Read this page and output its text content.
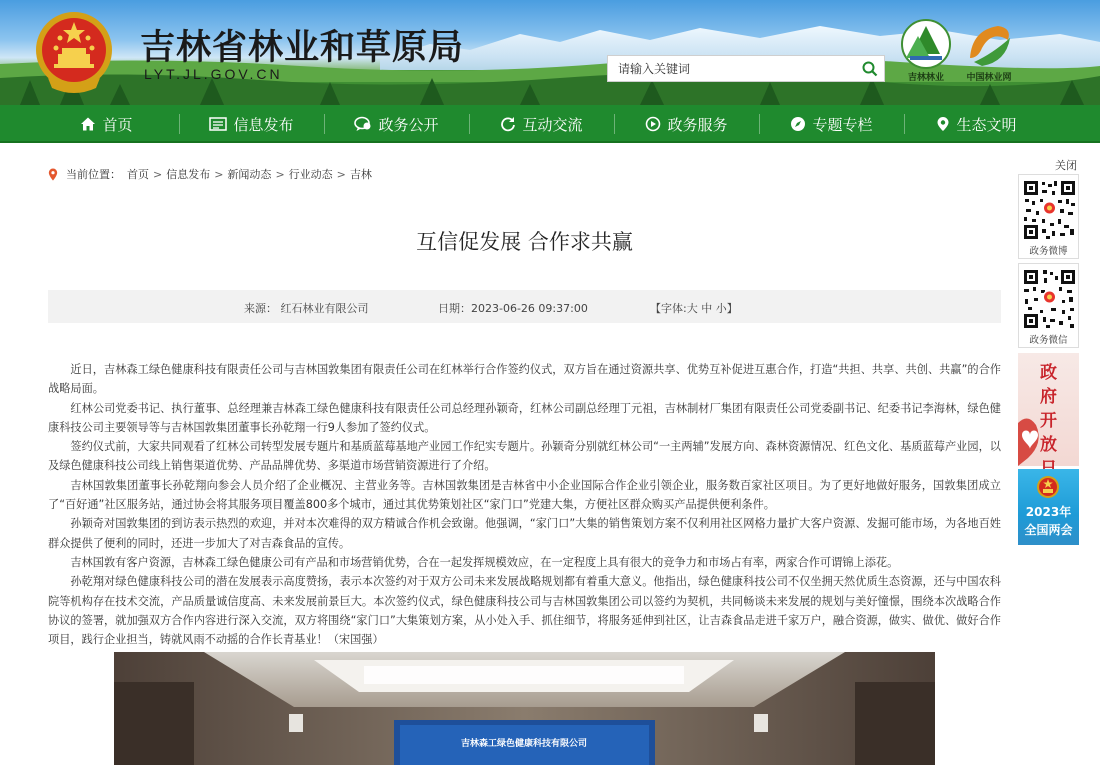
吉林省林业和草原局
LYT.JL.GOV.CN
请输入关键词	吉林林业	中国林业网
首页	信息发布	政务公开	互动交流	政务服务	专题专栏	生态文明
当前位置： 首页 > 信息发布 > 新闻动态 > 行业动态 > 吉林
互信促发展 合作求共赢
来源： 红石林业有限公司	日期：2023-06-26 09:37:00	【字体:大 中 小】

近日，吉林森工绿色健康科技有限责任公司与吉林国敦集团有限责任公司在红林举行合作签约仪式，双方旨在通过资源共享、优势互补促进互惠合作，打造“共担、共享、共创、共赢”的合作战略局面。

红林公司党委书记、执行董事、总经理兼吉林森工绿色健康科技有限责任公司总经理孙颖奇，红林公司副总经理丁元祖，吉林制材厂集团有限责任公司党委副书记、纪委书记李海林，绿色健康科技公司主要领导等与吉林国敦集团董事长孙乾翔一行9人参加了签约仪式。

签约仪式前，大家共同观看了红林公司转型发展专题片和基质蓝莓基地产业园工作纪实专题片。孙颖奇分别就红林公司“一主两辅”发展方向、森林资源情况、红色文化、基质蓝莓产业园，以及绿色健康科技公司线上销售渠道优势、产品品牌优势、多渠道市场营销资源进行了介绍。

吉林国敦集团董事长孙乾翔向参会人员介绍了企业概况、主营业务等。吉林国敦集团是吉林省中小企业国际合作企业引领企业，服务数百家社区项目。为了更好地做好服务，国敦集团成立了“百好通”社区服务站，通过协会将其服务项目覆盖800多个城市，通过其优势策划社区“家门口”党建大集，方便社区群众购买产品提供便利条件。

孙颖奇对国敦集团的到访表示热烈的欢迎，并对本次难得的双方精诚合作机会致谢。他强调，“家门口”大集的销售策划方案不仅利用社区网格力量扩大客户资源、发掘可能市场，为各地百姓群众提供了便利的同时，还进一步加大了对吉森食品的宣传。

吉林国敦有客户资源，吉林森工绿色健康公司有产品和市场营销优势，合在一起发挥规模效应，在一定程度上具有很大的竞争力和市场占有率，两家合作可谓锦上添花。

孙乾翔对绿色健康科技公司的潜在发展表示高度赞扬，表示本次签约对于双方公司未来发展战略规划都有着重大意义。他指出，绿色健康科技公司不仅坐拥天然优质生态资源，还与中国农科院等机构存在技术交流，产品质量诚信度高、未来发展前景巨大。本次签约仪式，绿色健康科技公司与吉林国敦集团公司以签约为契机，共同畅谈未来发展的规划与美好憧憬，围绕本次战略合作协议的签署，就加强双方合作内容进行深入交流，双方将围绕“家门口”大集策划方案，从小处入手、抓住细节，将服务延伸到社区，让吉森食品走进千家万户，融合资源，做实、做优、做好合作项目，践行企业担当，铸就风雨不动摇的合作长青基业！（宋国强）

吉林森工绿色健康科技有限公司
关闭
政务微博
政务微信
政府开放
2023年
全国两会
